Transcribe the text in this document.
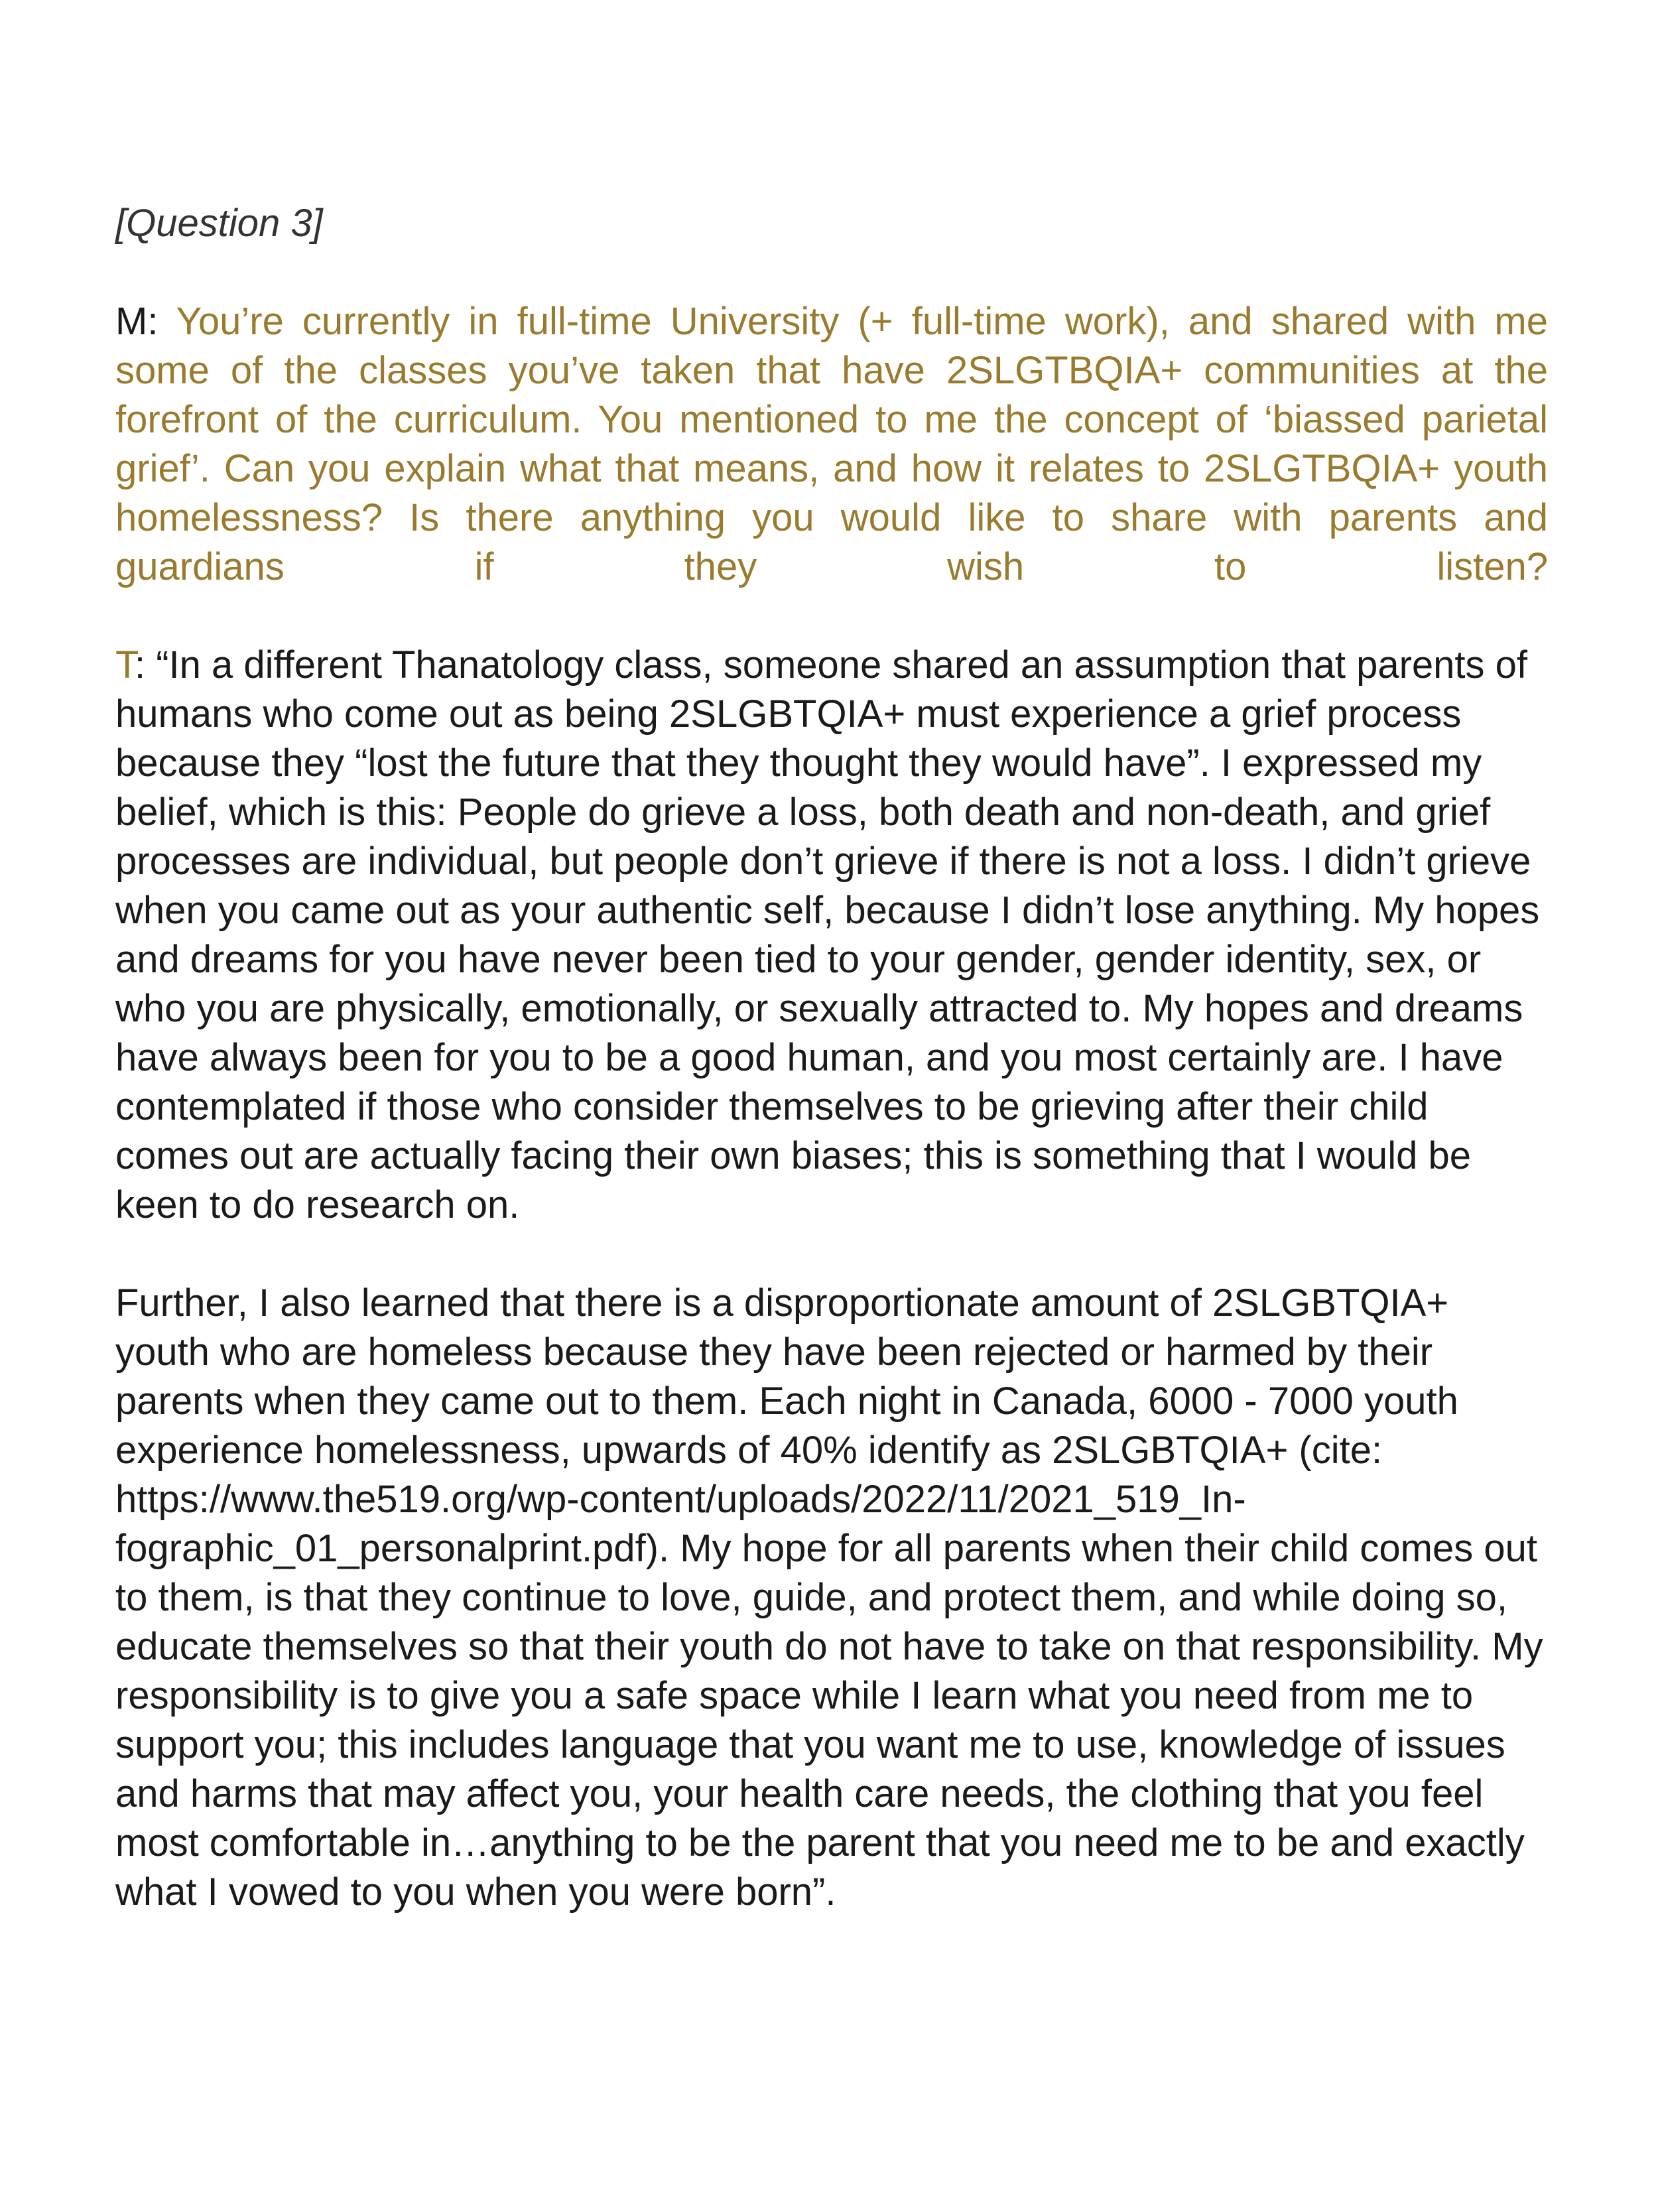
[Question 3]

M: You’re currently in full-time University (+ full-time work), and shared with me some of the classes you’ve taken that have 2SLGTBQIA+ communities at the forefront of the curriculum. You mentioned to me the concept of ‘biassed parietal grief’. Can you explain what that means, and how it relates to 2SLGTBQIA+ youth homelessness? Is there anything you would like to share with parents and guardians if they wish to listen?

T: “In a different Thanatology class, someone shared an assumption that parents of humans who come out as being 2SLGBTQIA+ must experience a grief process because they “lost the future that they thought they would have”. I expressed my belief, which is this: People do grieve a loss, both death and non-death, and grief processes are individual, but people don’t grieve if there is not a loss. I didn’t grieve when you came out as your authentic self, because I didn’t lose anything. My hopes and dreams for you have never been tied to your gender, gender identity, sex, or who you are physically, emotionally, or sexually attracted to. My hopes and dreams have always been for you to be a good human, and you most certainly are. I have contemplated if those who consider themselves to be grieving after their child comes out are actually facing their own biases; this is something that I would be keen to do research on.

Further, I also learned that there is a disproportionate amount of 2SLGBTQIA+ youth who are homeless because they have been rejected or harmed by their parents when they came out to them. Each night in Canada, 6000 - 7000 youth experience homelessness, upwards of 40% identify as 2SLGBTQIA+ (cite: https://www.the519.org/wp-content/uploads/2022/11/2021_519_In- fographic_01_personalprint.pdf). My hope for all parents when their child comes out to them, is that they continue to love, guide, and protect them, and while doing so, educate themselves so that their youth do not have to take on that responsibility. My responsibility is to give you a safe space while I learn what you need from me to support you; this includes language that you want me to use, knowledge of issues and harms that may affect you, your health care needs, the clothing that you feel most comfortable in…anything to be the parent that you need me to be and exactly what I vowed to you when you were born”.
